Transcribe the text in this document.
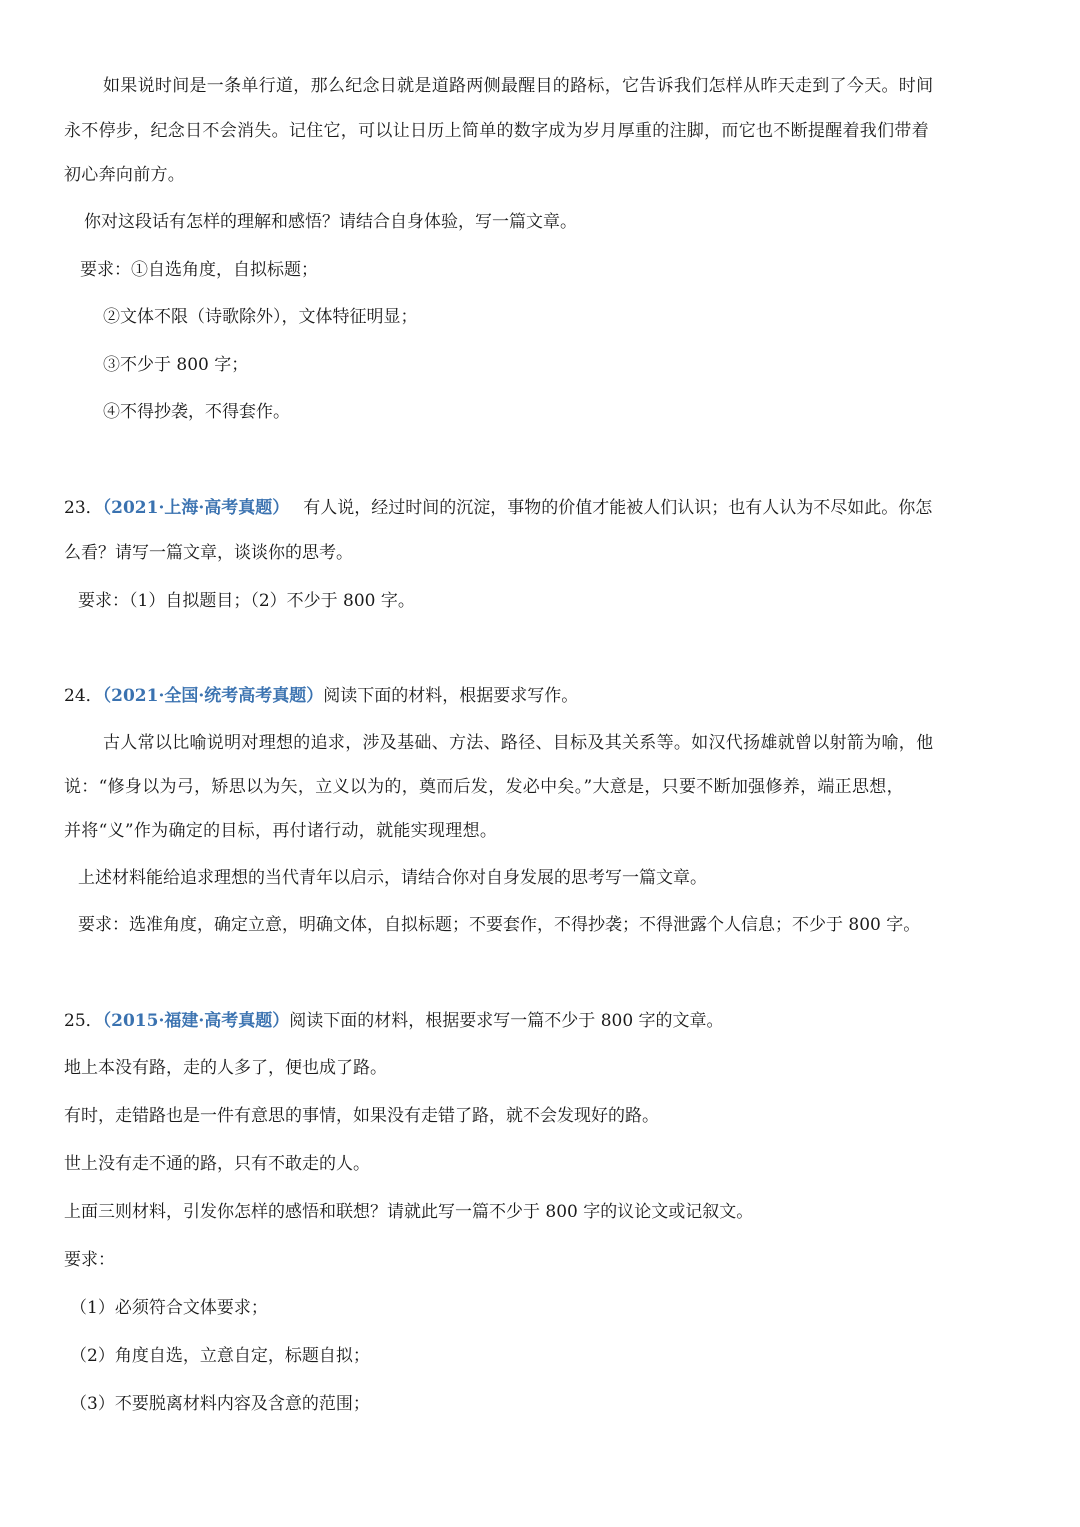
如果说时间是一条单行道，那么纪念日就是道路两侧最醒目的路标，它告诉我们怎样从昨天走到了今天。时间
永不停步，纪念日不会消失。记住它，可以让日历上简单的数字成为岁月厚重的注脚，而它也不断提醒着我们带着
初心奔向前方。
你对这段话有怎样的理解和感悟？请结合自身体验，写一篇文章。
要求：①自选角度，自拟标题；
②文体不限（诗歌除外），文体特征明显；
③不少于 800 字；
④不得抄袭，不得套作。
23．（2021·上海·高考真题） 有人说，经过时间的沉淀，事物的价值才能被人们认识；也有人认为不尽如此。你怎
么看？请写一篇文章，谈谈你的思考。
要求：（1）自拟题目；（2）不少于 800 字。
24．（2021·全国·统考高考真题）阅读下面的材料，根据要求写作。
古人常以比喻说明对理想的追求，涉及基础、方法、路径、目标及其关系等。如汉代扬雄就曾以射箭为喻，他
说：“修身以为弓，矫思以为矢，立义以为的，奠而后发，发必中矣。”大意是，只要不断加强修养，端正思想，
并将“义”作为确定的目标，再付诸行动，就能实现理想。
上述材料能给追求理想的当代青年以启示，请结合你对自身发展的思考写一篇文章。
要求：选准角度，确定立意，明确文体，自拟标题；不要套作，不得抄袭；不得泄露个人信息；不少于 800 字。
25．（2015·福建·高考真题）阅读下面的材料，根据要求写一篇不少于 800 字的文章。
地上本没有路，走的人多了，便也成了路。
有时，走错路也是一件有意思的事情，如果没有走错了路，就不会发现好的路。
世上没有走不通的路，只有不敢走的人。
上面三则材料，引发你怎样的感悟和联想？请就此写一篇不少于 800 字的议论文或记叙文。
要求：
（1）必须符合文体要求；
（2）角度自选，立意自定，标题自拟；
（3）不要脱离材料内容及含意的范围；
